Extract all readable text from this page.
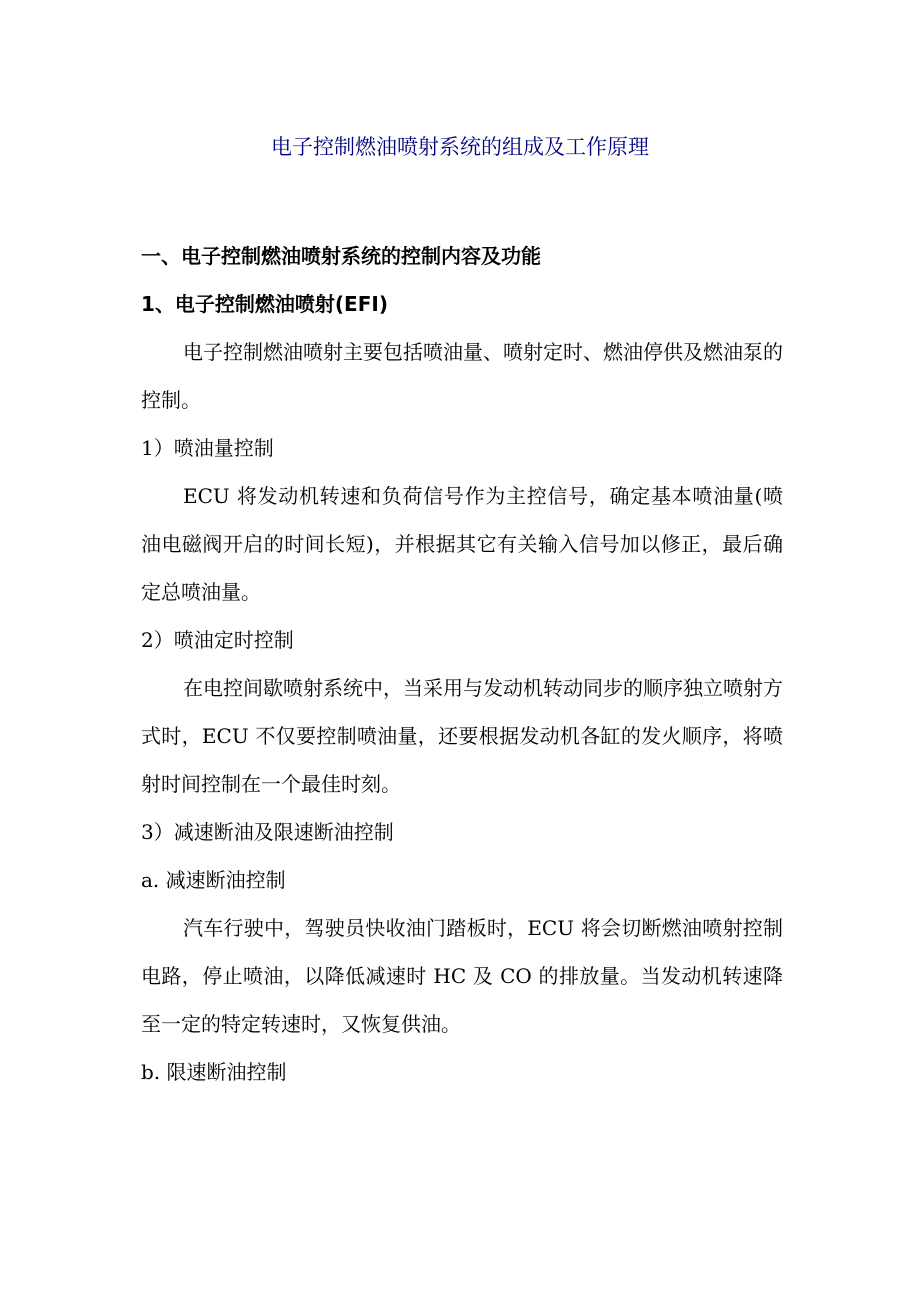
电子控制燃油喷射系统的组成及工作原理
一、电子控制燃油喷射系统的控制内容及功能
1、电子控制燃油喷射(EFI)
电子控制燃油喷射主要包括喷油量、喷射定时、燃油停供及燃油泵的控制。
1）喷油量控制
ECU 将发动机转速和负荷信号作为主控信号，确定基本喷油量(喷油电磁阀开启的时间长短)，并根据其它有关输入信号加以修正，最后确定总喷油量。
2）喷油定时控制
在电控间歇喷射系统中，当采用与发动机转动同步的顺序独立喷射方式时，ECU 不仅要控制喷油量，还要根据发动机各缸的发火顺序，将喷射时间控制在一个最佳时刻。
3）减速断油及限速断油控制
a. 减速断油控制
汽车行驶中，驾驶员快收油门踏板时，ECU 将会切断燃油喷射控制电路，停止喷油，以降低减速时 HC 及 CO 的排放量。当发动机转速降至一定的特定转速时，又恢复供油。
b. 限速断油控制
